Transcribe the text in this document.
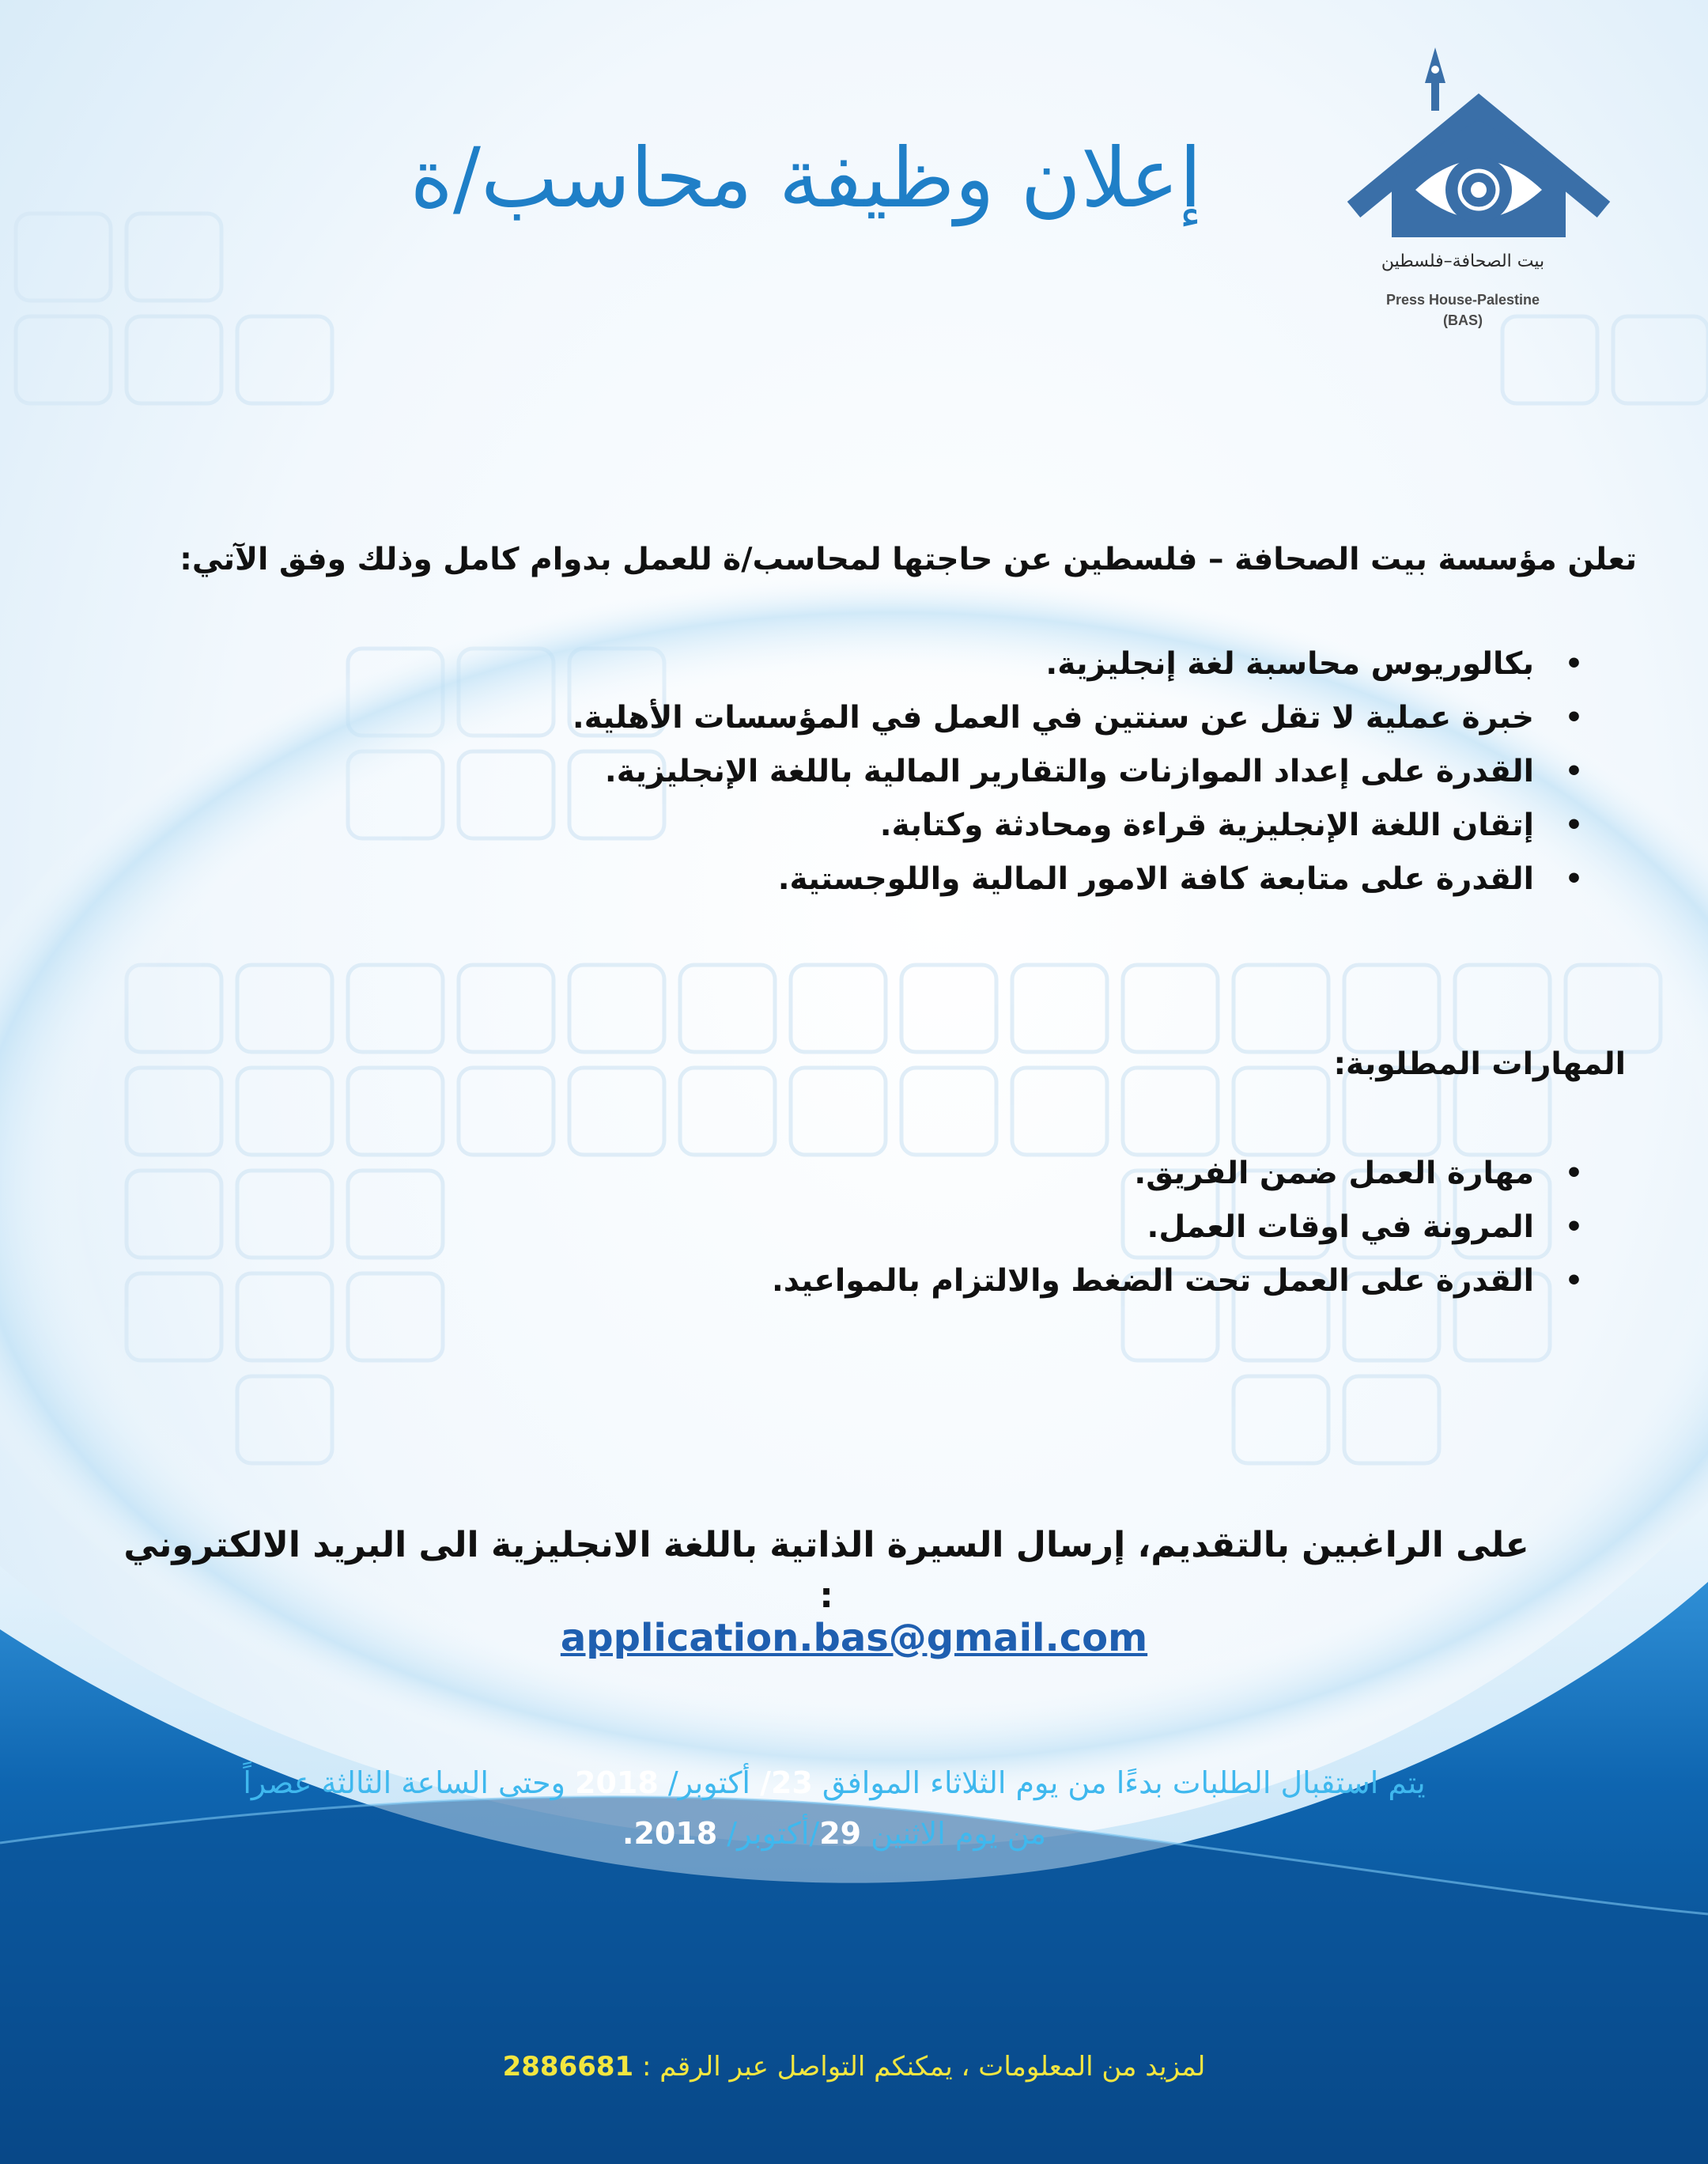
بيت الصحافة–فلسطين
Press House-Palestine
(BAS)
إعلان وظيفة محاسب/ة
تعلن مؤسسة بيت الصحافة – فلسطين عن حاجتها لمحاسب/ة للعمل بدوام كامل وذلك وفق الآتي:
• بكالوريوس محاسبة لغة إنجليزية.
• خبرة عملية لا تقل عن سنتين في العمل في المؤسسات الأهلية.
• القدرة على إعداد الموازنات والتقارير المالية باللغة الإنجليزية.
• إتقان اللغة الإنجليزية قراءة ومحادثة وكتابة.
• القدرة على متابعة كافة الامور المالية واللوجستية.
المهارات المطلوبة:
• مهارة العمل ضمن الفريق.
• المرونة في اوقات العمل.
• القدرة على العمل تحت الضغط والالتزام بالمواعيد.
على الراغبين بالتقديم، إرسال السيرة الذاتية باللغة الانجليزية الى البريد الالكتروني :
application.bas@gmail.com
يتم استقبال الطلبات بدءًا من يوم الثلاثاء الموافق 23/ أكتوبر/ 2018 وحتى الساعة الثالثة عصراً
من يوم الاثنين 29/أكتوبر/ 2018.
لمزيد من المعلومات ، يمكنكم التواصل عبر الرقم : 2886681
